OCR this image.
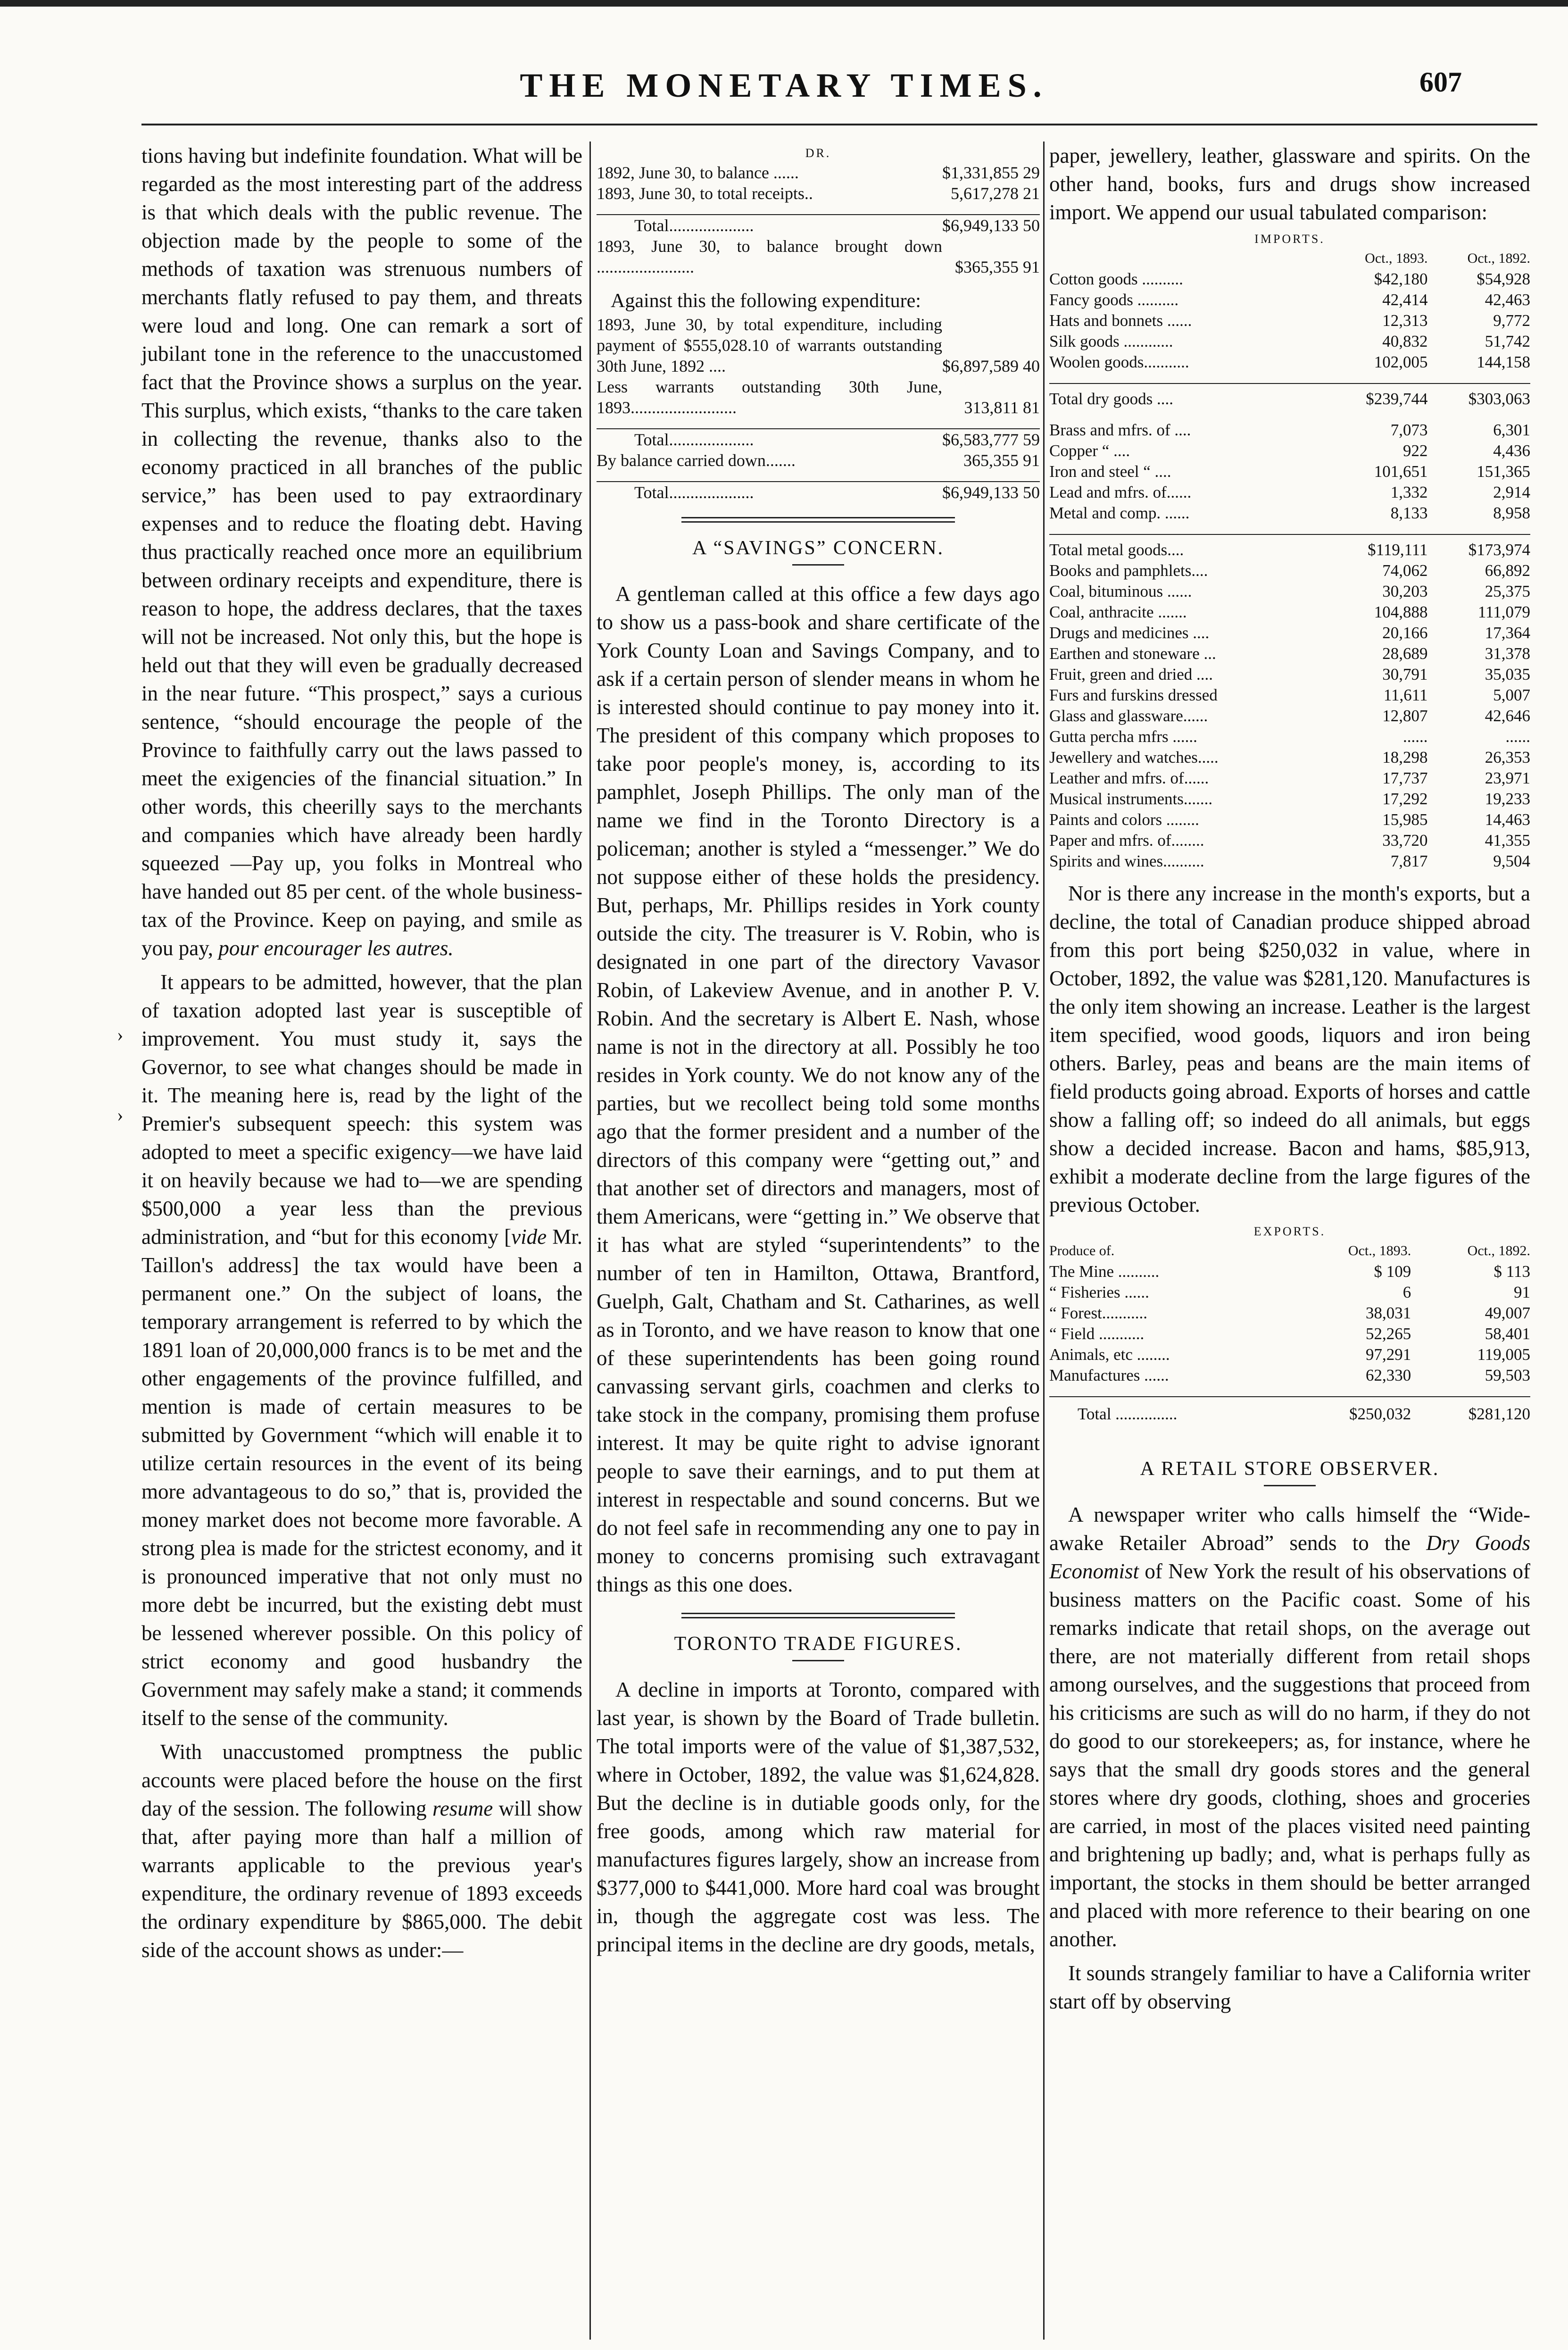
THE MONETARY TIMES.	607
›
›

tions having but indefinite foundation. What will be regarded as the most interesting part of the address is that which deals with the public revenue. The objection made by the people to some of the methods of taxation was strenuous numbers of merchants flatly refused to pay them, and threats were loud and long. One can remark a sort of jubilant tone in the reference to the unaccustomed fact that the Province shows a surplus on the year. This surplus, which exists, “thanks to the care taken in collecting the revenue, thanks also to the economy practiced in all branches of the public service,” has been used to pay extraordinary expenses and to reduce the floating debt. Having thus practically reached once more an equilibrium between ordinary receipts and expenditure, there is reason to hope, the address declares, that the taxes will not be increased. Not only this, but the hope is held out that they will even be gradually decreased in the near future. “This prospect,” says a curious sentence, “should encourage the people of the Province to faithfully carry out the laws passed to meet the exigencies of the financial situation.” In other words, this cheerilly says to the merchants and companies which have already been hardly squeezed —Pay up, you folks in Montreal who have handed out 85 per cent. of the whole business-tax of the Province. Keep on paying, and smile as you pay, pour encourager les autres.

It appears to be admitted, however, that the plan of taxation adopted last year is susceptible of improvement. You must study it, says the Governor, to see what changes should be made in it. The meaning here is, read by the light of the Premier's subsequent speech: this system was adopted to meet a specific exigency—we have laid it on heavily because we had to—we are spending $500,000 a year less than the previous administration, and “but for this economy [vide Mr. Taillon's address] the tax would have been a permanent one.” On the subject of loans, the temporary arrangement is referred to by which the 1891 loan of 20,000,000 francs is to be met and the other engagements of the province fulfilled, and mention is made of certain measures to be submitted by Government “which will enable it to utilize certain resources in the event of its being more advantageous to do so,” that is, provided the money market does not become more favorable. A strong plea is made for the strictest economy, and it is pronounced imperative that not only must no more debt be incurred, but the existing debt must be lessened wherever possible. On this policy of strict economy and good husbandry the Government may safely make a stand; it commends itself to the sense of the community.

With unaccustomed promptness the public accounts were placed before the house on the first day of the session. The following resume will show that, after paying more than half a million of warrants applicable to the previous year's expenditure, the ordinary revenue of 1893 exceeds the ordinary expenditure by $865,000. The debit side of the account shows as under:—

DR.
1892, June 30, to balance ......	$1,331,855 29
1893, June 30, to total receipts..	5,617,278 21

Total....................	$6,949,133 50
1893, June 30, to balance brought down .......................	$365,355 91

Against this the following expenditure:	
1893, June 30, by total expenditure, including payment of $555,028.10 of warrants outstanding 30th June, 1892 ....	$6,897,589 40
Less warrants outstanding 30th June, 1893.........................	313,811 81

Total....................	$6,583,777 59
By balance carried down.......	365,355 91

Total....................	$6,949,133 50
A “SAVINGS” CONCERN.

A gentleman called at this office a few days ago to show us a pass-book and share certificate of the York County Loan and Savings Company, and to ask if a certain person of slender means in whom he is interested should continue to pay money into it. The president of this company which proposes to take poor people's money, is, according to its pamphlet, Joseph Phillips. The only man of the name we find in the Toronto Directory is a policeman; another is styled a “messenger.” We do not suppose either of these holds the presidency. But, perhaps, Mr. Phillips resides in York county outside the city. The treasurer is V. Robin, who is designated in one part of the directory Vavasor Robin, of Lakeview Avenue, and in another P. V. Robin. And the secretary is Albert E. Nash, whose name is not in the directory at all. Possibly he too resides in York county. We do not know any of the parties, but we recollect being told some months ago that the former president and a number of the directors of this company were “getting out,” and that another set of directors and managers, most of them Americans, were “getting in.” We observe that it has what are styled “superintendents” to the number of ten in Hamilton, Ottawa, Brantford, Guelph, Galt, Chatham and St. Catharines, as well as in Toronto, and we have reason to know that one of these superintendents has been going round canvassing servant girls, coachmen and clerks to take stock in the company, promising them profuse interest. It may be quite right to advise ignorant people to save their earnings, and to put them at interest in respectable and sound concerns. But we do not feel safe in recommending any one to pay in money to concerns promising such extravagant things as this one does.

TORONTO TRADE FIGURES.

A decline in imports at Toronto, compared with last year, is shown by the Board of Trade bulletin. The total imports were of the value of $1,387,532, where in October, 1892, the value was $1,624,828. But the decline is in dutiable goods only, for the free goods, among which raw material for manufactures figures largely, show an increase from $377,000 to $441,000. More hard coal was brought in, though the aggregate cost was less. The principal items in the decline are dry goods, metals,

paper, jewellery, leather, glassware and spirits. On the other hand, books, furs and drugs show increased import. We append our usual tabulated comparison:

IMPORTS.
	Oct., 1893.	Oct., 1892.
Cotton goods ..........	$42,180	$54,928
Fancy goods ..........	42,414	42,463
Hats and bonnets ......	12,313	9,772
Silk goods ............	40,832	51,742
Woolen goods...........	102,005	144,158

Total dry goods ....	$239,744	$303,063

Brass and mfrs. of ....	7,073	6,301
Copper “ ....	922	4,436
Iron and steel “ ....	101,651	151,365
Lead and mfrs. of......	1,332	2,914
Metal and comp. ......	8,133	8,958

Total metal goods....	$119,111	$173,974
Books and pamphlets....	74,062	66,892
Coal, bituminous ......	30,203	25,375
Coal, anthracite .......	104,888	111,079
Drugs and medicines ....	20,166	17,364
Earthen and stoneware ...	28,689	31,378
Fruit, green and dried ....	30,791	35,035
Furs and furskins dressed	11,611	5,007
Glass and glassware......	12,807	42,646
Gutta percha mfrs ......	......	......
Jewellery and watches.....	18,298	26,353
Leather and mfrs. of......	17,737	23,971
Musical instruments.......	17,292	19,233
Paints and colors ........	15,985	14,463
Paper and mfrs. of........	33,720	41,355
Spirits and wines..........	7,817	9,504

Nor is there any increase in the month's exports, but a decline, the total of Canadian produce shipped abroad from this port being $250,032 in value, where in October, 1892, the value was $281,120. Manufactures is the only item showing an increase. Leather is the largest item specified, wood goods, liquors and iron being others. Barley, peas and beans are the main items of field products going abroad. Exports of horses and cattle show a falling off; so indeed do all animals, but eggs show a decided increase. Bacon and hams, $85,913, exhibit a moderate decline from the large figures of the previous October.

EXPORTS.
Produce of.	Oct., 1893.	Oct., 1892.
The Mine ..........	$ 109	$ 113
“ Fisheries ......	6	91
“ Forest...........	38,031	49,007
“ Field ...........	52,265	58,401
Animals, etc ........	97,291	119,005
Manufactures ......	62,330	59,503

Total ...............	$250,032	$281,120
A RETAIL STORE OBSERVER.

A newspaper writer who calls himself the “Wide-awake Retailer Abroad” sends to the Dry Goods Economist of New York the result of his observations of business matters on the Pacific coast. Some of his remarks indicate that retail shops, on the average out there, are not materially different from retail shops among ourselves, and the suggestions that proceed from his criticisms are such as will do no harm, if they do not do good to our storekeepers; as, for instance, where he says that the small dry goods stores and the general stores where dry goods, clothing, shoes and groceries are carried, in most of the places visited need painting and brightening up badly; and, what is perhaps fully as important, the stocks in them should be better arranged and placed with more reference to their bearing on one another.

It sounds strangely familiar to have a California writer start off by observing
